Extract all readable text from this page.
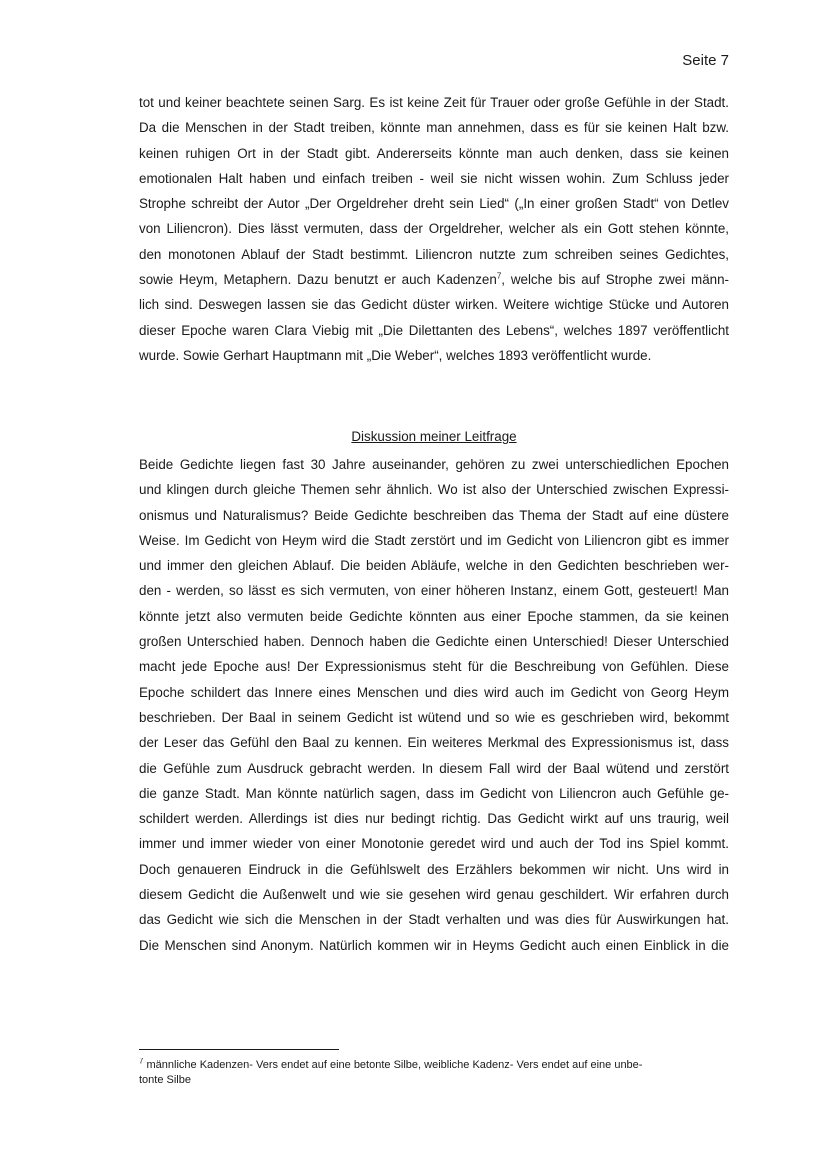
Seite 7
tot und keiner beachtete seinen Sarg. Es ist keine Zeit für Trauer oder große Gefühle in der Stadt.
Da die Menschen in der Stadt treiben, könnte man annehmen, dass es für sie keinen Halt bzw.
keinen ruhigen Ort in der Stadt gibt. Andererseits könnte man auch denken, dass sie keinen
emotionalen Halt haben und einfach treiben - weil sie nicht wissen wohin. Zum Schluss jeder
Strophe schreibt der Autor „Der Orgeldreher dreht sein Lied“ („In einer großen Stadt“ von Detlev
von Liliencron). Dies lässt vermuten, dass der Orgeldreher, welcher als ein Gott stehen könnte,
den monotonen Ablauf der Stadt bestimmt. Liliencron nutzte zum schreiben seines Gedichtes,
sowie Heym, Metaphern. Dazu benutzt er auch Kadenzen$^7$, welche bis auf Strophe zwei männ-
lich sind. Deswegen lassen sie das Gedicht düster wirken. Weitere wichtige Stücke und Autoren
dieser Epoche waren Clara Viebig mit „Die Dilettanten des Lebens“, welches 1897 veröffentlicht
wurde. Sowie Gerhart Hauptmann mit „Die Weber“, welches 1893 veröffentlicht wurde.
Diskussion meiner Leitfrage
Beide Gedichte liegen fast 30 Jahre auseinander, gehören zu zwei unterschiedlichen Epochen
und klingen durch gleiche Themen sehr ähnlich. Wo ist also der Unterschied zwischen Expressi-
onismus und Naturalismus? Beide Gedichte beschreiben das Thema der Stadt auf eine düstere
Weise. Im Gedicht von Heym wird die Stadt zerstört und im Gedicht von Liliencron gibt es immer
und immer den gleichen Ablauf. Die beiden Abläufe, welche in den Gedichten beschrieben wer-
den - werden, so lässt es sich vermuten, von einer höheren Instanz, einem Gott, gesteuert! Man
könnte jetzt also vermuten beide Gedichte könnten aus einer Epoche stammen, da sie keinen
großen Unterschied haben. Dennoch haben die Gedichte einen Unterschied! Dieser Unterschied
macht jede Epoche aus! Der Expressionismus steht für die Beschreibung von Gefühlen. Diese
Epoche schildert das Innere eines Menschen und dies wird auch im Gedicht von Georg Heym
beschrieben. Der Baal in seinem Gedicht ist wütend und so wie es geschrieben wird, bekommt
der Leser das Gefühl den Baal zu kennen. Ein weiteres Merkmal des Expressionismus ist, dass
die Gefühle zum Ausdruck gebracht werden. In diesem Fall wird der Baal wütend und zerstört
die ganze Stadt. Man könnte natürlich sagen, dass im Gedicht von Liliencron auch Gefühle ge-
schildert werden. Allerdings ist dies nur bedingt richtig. Das Gedicht wirkt auf uns traurig, weil
immer und immer wieder von einer Monotonie geredet wird und auch der Tod ins Spiel kommt.
Doch genaueren Eindruck in die Gefühlswelt des Erzählers bekommen wir nicht. Uns wird in
diesem Gedicht die Außenwelt und wie sie gesehen wird genau geschildert. Wir erfahren durch
das Gedicht wie sich die Menschen in der Stadt verhalten und was dies für Auswirkungen hat.
Die Menschen sind Anonym. Natürlich kommen wir in Heyms Gedicht auch einen Einblick in die
$^7$ männliche Kadenzen- Vers endet auf eine betonte Silbe, weibliche Kadenz- Vers endet auf eine unbe-
tonte Silbe
